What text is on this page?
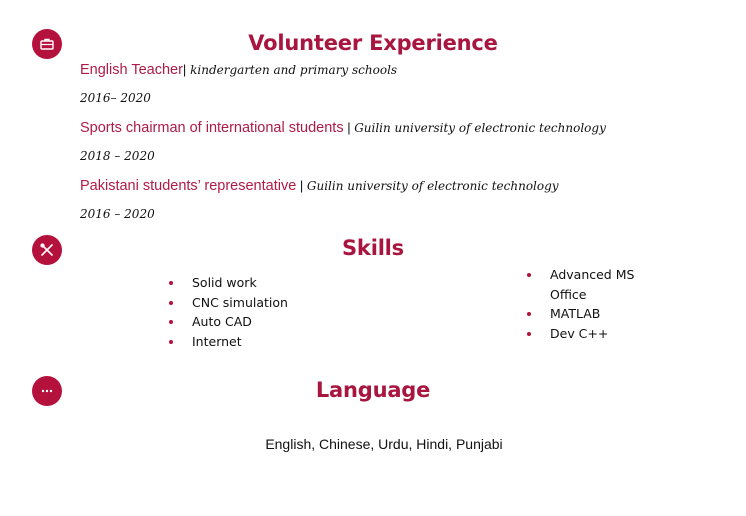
Volunteer Experience
English Teacher| kindergarten and primary schools
2016– 2020
Sports chairman of international students | Guilin university of electronic technology
2018 – 2020
Pakistani students’ representative | Guilin university of electronic technology
2016 – 2020
Skills
Solid work
CNC simulation
Auto CAD
Internet
Advanced MS Office
MATLAB
Dev C++
Language
English, Chinese, Urdu, Hindi, Punjabi
